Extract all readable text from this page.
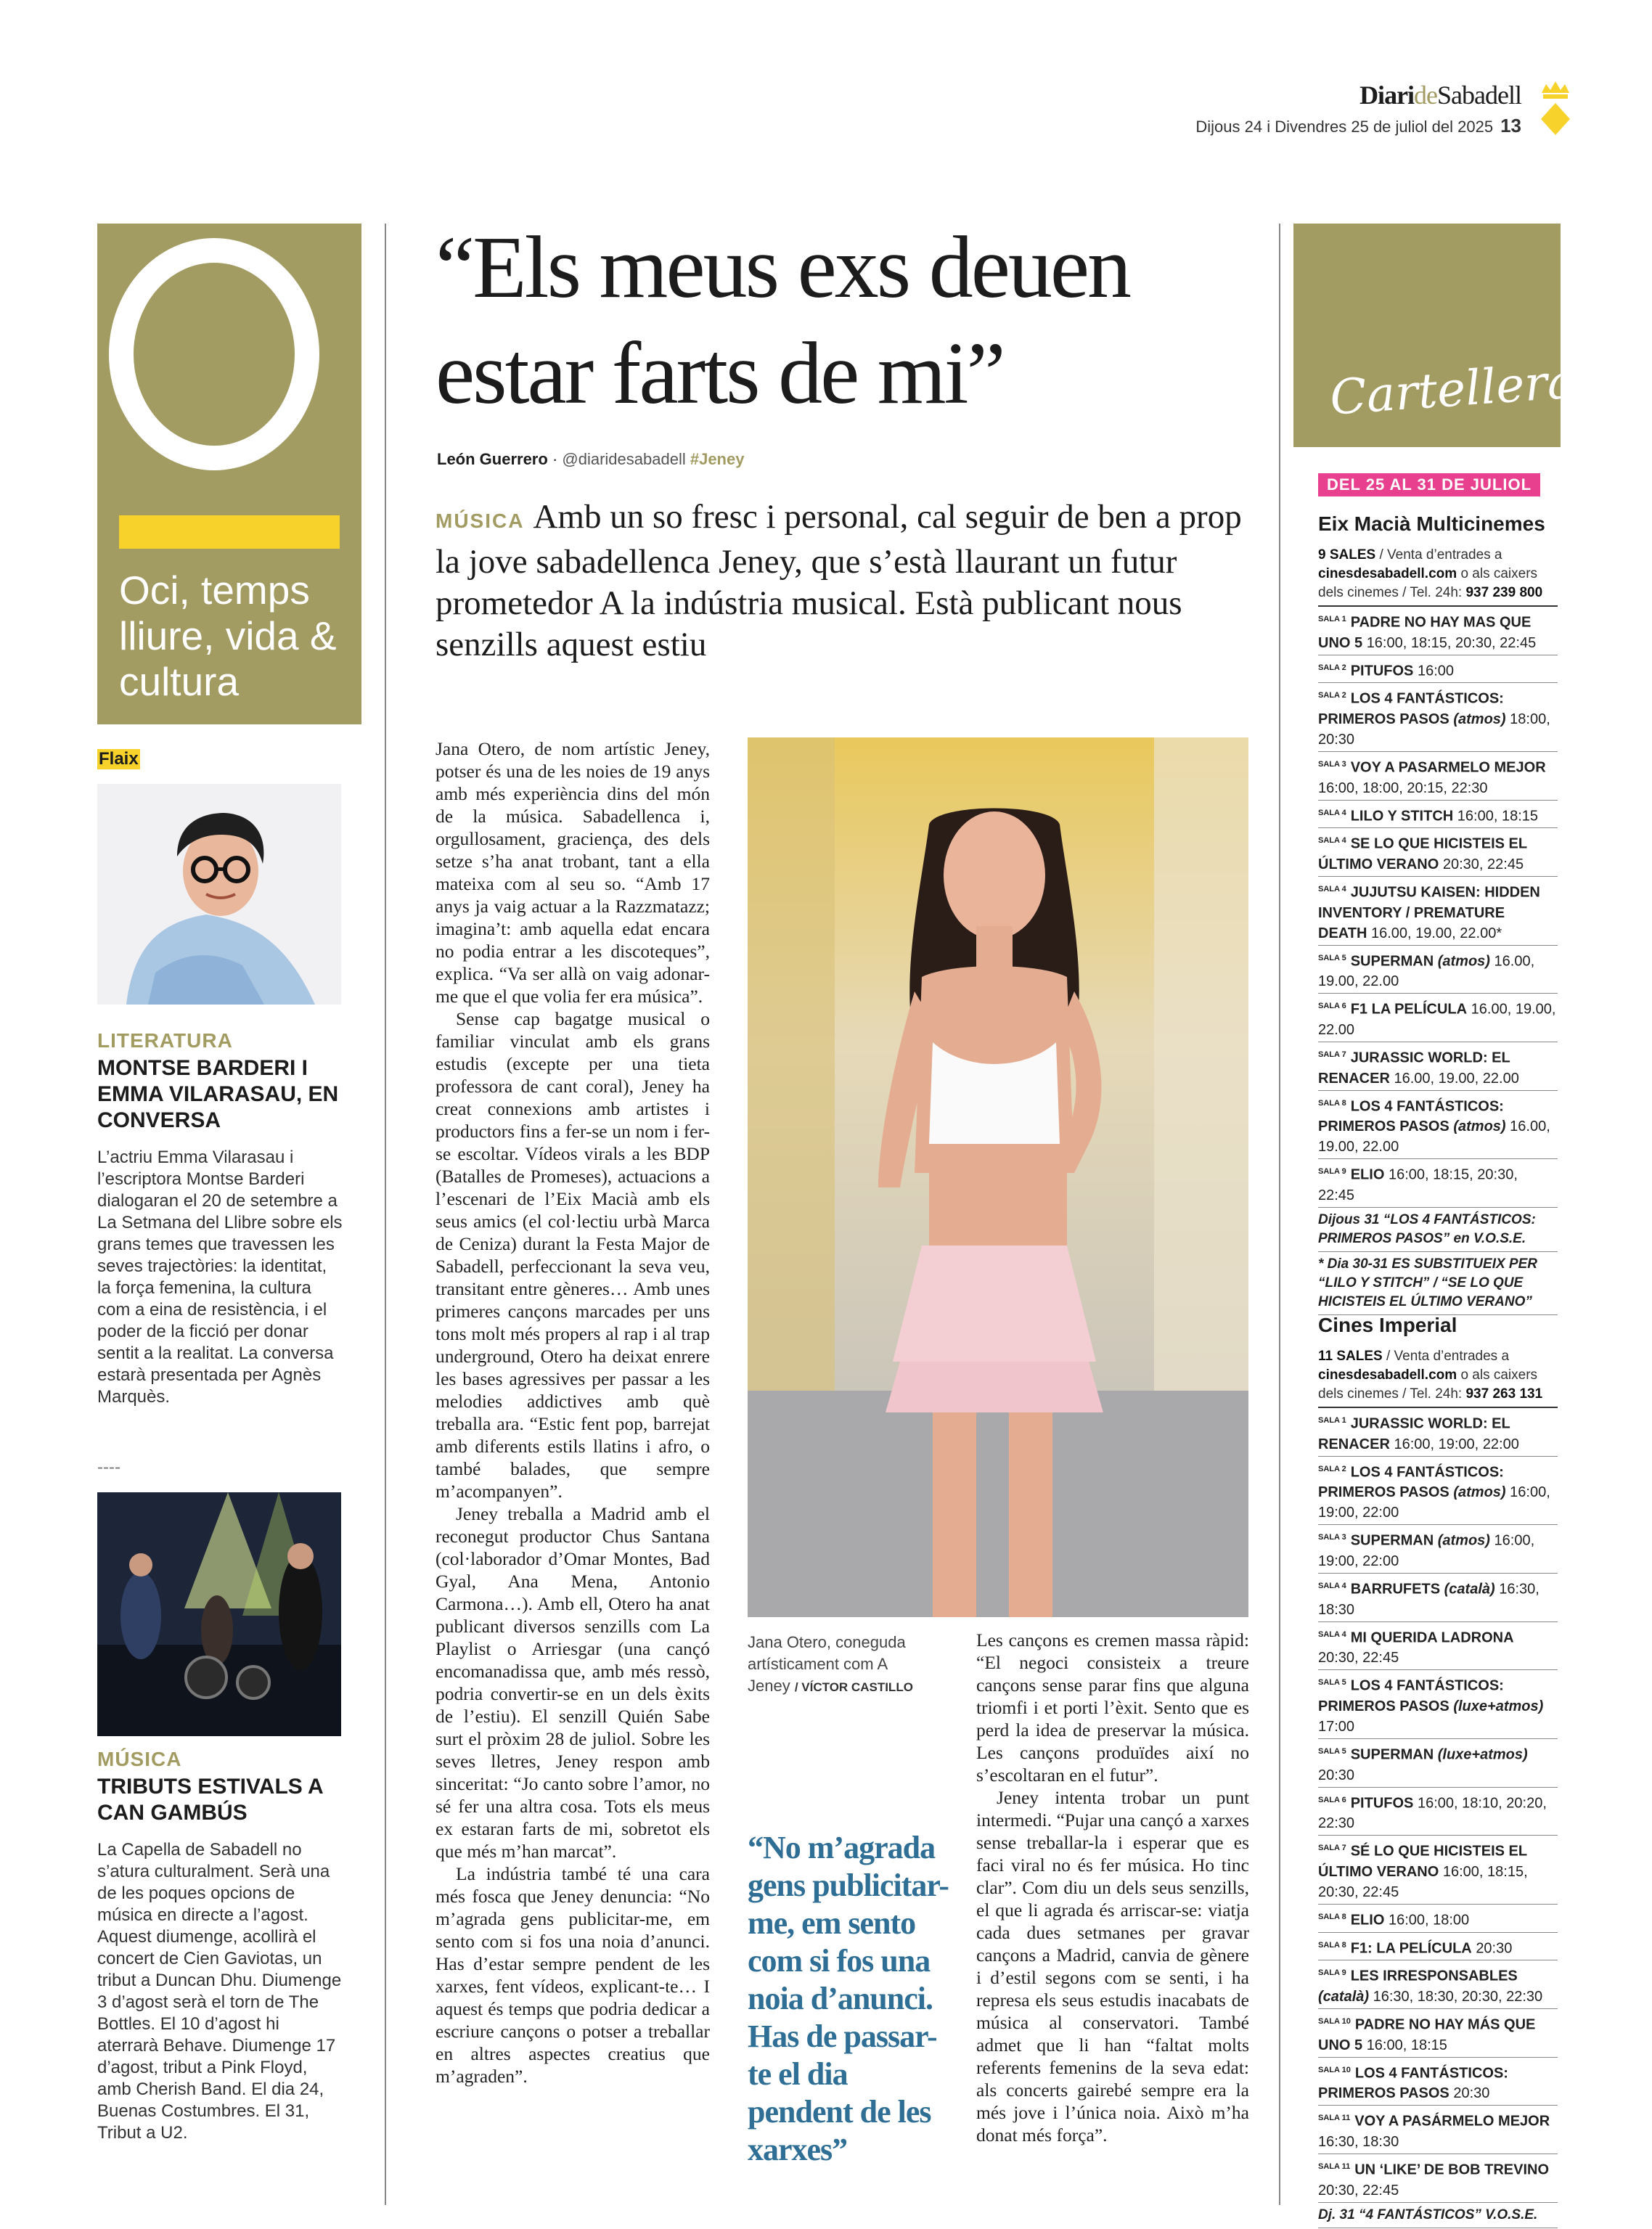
DiarideSabadell
Dijous 24 i Divendres 25 de juliol del 2025 13
Oci, temps lliure, vida & cultura
Flaix
LITERATURA
MONTSE BARDERI I EMMA VILARASAU, EN CONVERSA
L’actriu Emma Vilarasau i l’escriptora Montse Barderi dialogaran el 20 de setembre a La Setmana del Llibre sobre els grans temes que travessen les seves trajectòries: la identitat, la força femenina, la cultura com a eina de resistència, i el poder de la ficció per donar sentit a la realitat. La conversa estarà presentada per Agnès Marquès.
----
MÚSICA
TRIBUTS ESTIVALS A CAN GAMBÚS
La Capella de Sabadell no s’atura culturalment. Serà una de les poques opcions de música en directe a l’agost. Aquest diumenge, acollirà el concert de Cien Gaviotas, un tribut a Duncan Dhu. Diumenge 3 d’agost serà el torn de The Bottles. El 10 d’agost hi aterrarà Behave. Diumenge 17 d’agost, tribut a Pink Floyd, amb Cherish Band. El dia 24, Buenas Costumbres. El 31, Tribut a U2.
“Els meus exs deuen estar farts de mi”
León Guerrero · @diaridesabadell #Jeney
MÚSICA Amb un so fresc i personal, cal seguir de ben a prop la jove sabadellenca Jeney, que s’està llaurant un futur prometedor A la indústria musical. Està publicant nous senzills aquest estiu

Jana Otero, de nom artístic Jeney, potser és una de les noies de 19 anys amb més experiència dins del món de la música. Sabadellenca i, orgullosament, graciença, des dels setze s’ha anat trobant, tant a ella mateixa com al seu so. “Amb 17 anys ja vaig actuar a la Razzmatazz; imagina’t: amb aquella edat encara no podia entrar a les discoteques”, explica. “Va ser allà on vaig adonar-me que el que volia fer era música”.

Sense cap bagatge musical o familiar vinculat amb els grans estudis (excepte per una tieta professora de cant coral), Jeney ha creat connexions amb artistes i productors fins a fer-se un nom i fer-se escoltar. Vídeos virals a les BDP (Batalles de Promeses), actuacions a l’escenari de l’Eix Macià amb els seus amics (el col·lectiu urbà Marca de Ceniza) durant la Festa Major de Sabadell, perfeccionant la seva veu, transitant entre gèneres… Amb unes primeres cançons marcades per uns tons molt més propers al rap i al trap underground, Otero ha deixat enrere les bases agressives per passar a les melodies addictives amb què treballa ara. “Estic fent pop, barrejat amb diferents estils llatins i afro, o també balades, que sempre m’acompanyen”.

Jeney treballa a Madrid amb el reconegut productor Chus Santana (col·laborador d’Omar Montes, Bad Gyal, Ana Mena, Antonio Carmona…). Amb ell, Otero ha anat publicant diversos senzills com La Playlist o Arriesgar (una cançó encomanadissa que, amb més ressò, podria convertir-se en un dels èxits de l’estiu). El senzill Quién Sabe surt el pròxim 28 de juliol. Sobre les seves lletres, Jeney respon amb sinceritat: “Jo canto sobre l’amor, no sé fer una altra cosa. Tots els meus ex estaran farts de mi, sobretot els que més m’han marcat”.

La indústria també té una cara més fosca que Jeney denuncia: “No m’agrada gens publicitar-me, em sento com si fos una noia d’anunci. Has d’estar sempre pendent de les xarxes, fent vídeos, explicant-te… I aquest és temps que podria dedicar a escriure cançons o potser a treballar en altres aspectes creatius que m’agraden”.

Jana Otero, coneguda artísticament com A Jeney / VÍCTOR CASTILLO
“No m’agrada gens publicitar-me, em sento com si fos una noia d’anunci. Has de passar-te el dia pendent de les xarxes”

Les cançons es cremen massa ràpid: “El negoci consisteix a treure cançons sense parar fins que alguna triomfi i et porti l’èxit. Sento que es perd la idea de preservar la música. Les cançons produïdes així no s’escoltaran en el futur”.

Jeney intenta trobar un punt intermedi. “Pujar una cançó a xarxes sense treballar-la i esperar que es faci viral no és fer música. Ho tinc clar”. Com diu un dels seus senzills, el que li agrada és arriscar-se: viatja cada dues setmanes per gravar cançons a Madrid, canvia de gènere i d’estil segons com se senti, i ha represa els seus estudis inacabats de música al conservatori. També admet que li han “faltat molts referents femenins de la seva edat: als concerts gairebé sempre era la més jove i l’única noia. Això m’ha donat més força”.

Cartellera
DEL 25 AL 31 DE JULIOL
Eix Macià Multicinemes
9 SALES / Venta d’entrades a cinesdesabadell.com o als caixers dels cinemes / Tel. 24h: 937 239 800
$^{SALA 1}$ PADRE NO HAY MAS QUE UNO 5 16:00, 18:15, 20:30, 22:45
$^{SALA 2}$ PITUFOS 16:00
$^{SALA 2}$ LOS 4 FANTÁSTICOS: PRIMEROS PASOS (atmos) 18:00, 20:30
$^{SALA 3}$ VOY A PASARMELO MEJOR 16:00, 18:00, 20:15, 22:30
$^{SALA 4}$ LILO Y STITCH 16:00, 18:15
$^{SALA 4}$ SE LO QUE HICISTEIS EL ÚLTIMO VERANO 20:30, 22:45
$^{SALA 4}$ JUJUTSU KAISEN: HIDDEN INVENTORY / PREMATURE DEATH 16.00, 19.00, 22.00*
$^{SALA 5}$ SUPERMAN (atmos) 16.00, 19.00, 22.00
$^{SALA 6}$ F1 LA PELÍCULA 16.00, 19.00, 22.00
$^{SALA 7}$ JURASSIC WORLD: EL RENACER 16.00, 19.00, 22.00
$^{SALA 8}$ LOS 4 FANTÁSTICOS: PRIMEROS PASOS (atmos) 16.00, 19.00, 22.00
$^{SALA 9}$ ELIO 16:00, 18:15, 20:30, 22:45
Dijous 31 “LOS 4 FANTÁSTICOS: PRIMEROS PASOS” en V.O.S.E.
* Dia 30-31 ES SUBSTITUEIX PER “LILO Y STITCH” / “SE LO QUE HICISTEIS EL ÚLTIMO VERANO”
Cines Imperial
11 SALES / Venta d’entrades a cinesdesabadell.com o als caixers dels cinemes / Tel. 24h: 937 263 131
$^{SALA 1}$ JURASSIC WORLD: EL RENACER 16:00, 19:00, 22:00
$^{SALA 2}$ LOS 4 FANTÁSTICOS: PRIMEROS PASOS (atmos) 16:00, 19:00, 22:00
$^{SALA 3}$ SUPERMAN (atmos) 16:00, 19:00, 22:00
$^{SALA 4}$ BARRUFETS (català) 16:30, 18:30
$^{SALA 4}$ MI QUERIDA LADRONA 20:30, 22:45
$^{SALA 5}$ LOS 4 FANTÁSTICOS: PRIMEROS PASOS (luxe+atmos) 17:00
$^{SALA 5}$ SUPERMAN (luxe+atmos) 20:30
$^{SALA 6}$ PITUFOS 16:00, 18:10, 20:20, 22:30
$^{SALA 7}$ SÉ LO QUE HICISTEIS EL ÚLTIMO VERANO 16:00, 18:15, 20:30, 22:45
$^{SALA 8}$ ELIO 16:00, 18:00
$^{SALA 8}$ F1: LA PELÍCULA 20:30
$^{SALA 9}$ LES IRRESPONSABLES (català) 16:30, 18:30, 20:30, 22:30
$^{SALA 10}$ PADRE NO HAY MÁS QUE UNO 5 16:00, 18:15
$^{SALA 10}$ LOS 4 FANTÁSTICOS: PRIMEROS PASOS 20:30
$^{SALA 11}$ VOY A PASÁRMELO MEJOR 16:30, 18:30
$^{SALA 11}$ UN ‘LIKE’ DE BOB TREVINO 20:30, 22:45
Dj. 31 “4 FANTÁSTICOS” V.O.S.E.
